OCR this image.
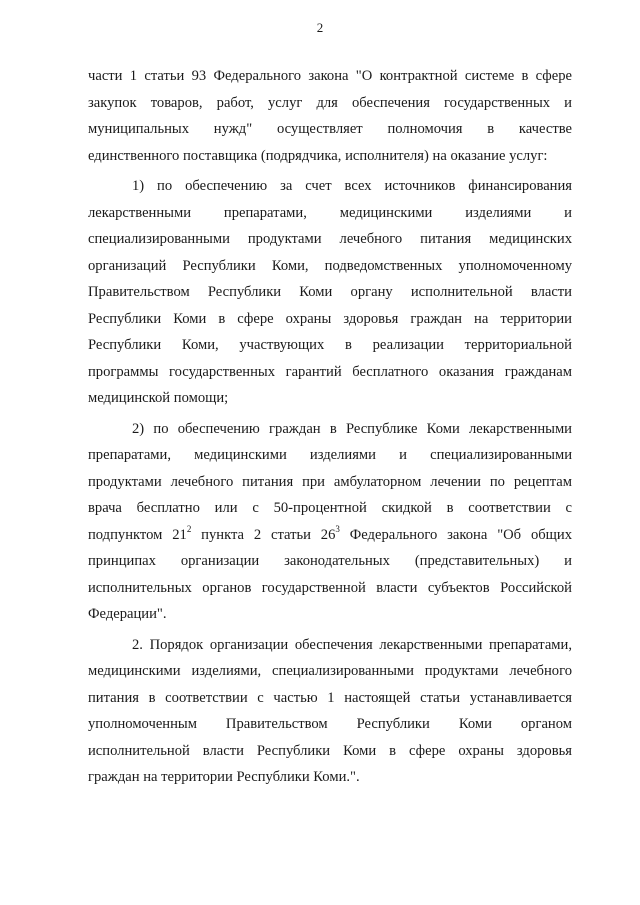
2
части 1 статьи 93 Федерального закона "О контрактной системе в сфере
закупок товаров, работ, услуг для обеспечения государственных и
муниципальных нужд" осуществляет полномочия в качестве
единственного поставщика (подрядчика, исполнителя) на оказание услуг:
1) по обеспечению за счет всех источников финансирования
лекарственными препаратами, медицинскими изделиями и
специализированными продуктами лечебного питания медицинских
организаций Республики Коми, подведомственных уполномоченному
Правительством Республики Коми органу исполнительной власти
Республики Коми в сфере охраны здоровья граждан на территории
Республики Коми, участвующих в реализации территориальной
программы государственных гарантий бесплатного оказания гражданам
медицинской помощи;
2) по обеспечению граждан в Республике Коми лекарственными
препаратами, медицинскими изделиями и специализированными
продуктами лечебного питания при амбулаторном лечении по рецептам
врача бесплатно или с 50-процентной скидкой в соответствии с
подпунктом $21^2$ пункта 2 статьи $26^3$ Федерального закона "Об общих
принципах организации законодательных (представительных) и
исполнительных органов государственной власти субъектов Российской
Федерации".
2. Порядок организации обеспечения лекарственными препаратами,
медицинскими изделиями, специализированными продуктами лечебного
питания в соответствии с частью 1 настоящей статьи устанавливается
уполномоченным Правительством Республики Коми органом
исполнительной власти Республики Коми в сфере охраны здоровья
граждан на территории Республики Коми.".
